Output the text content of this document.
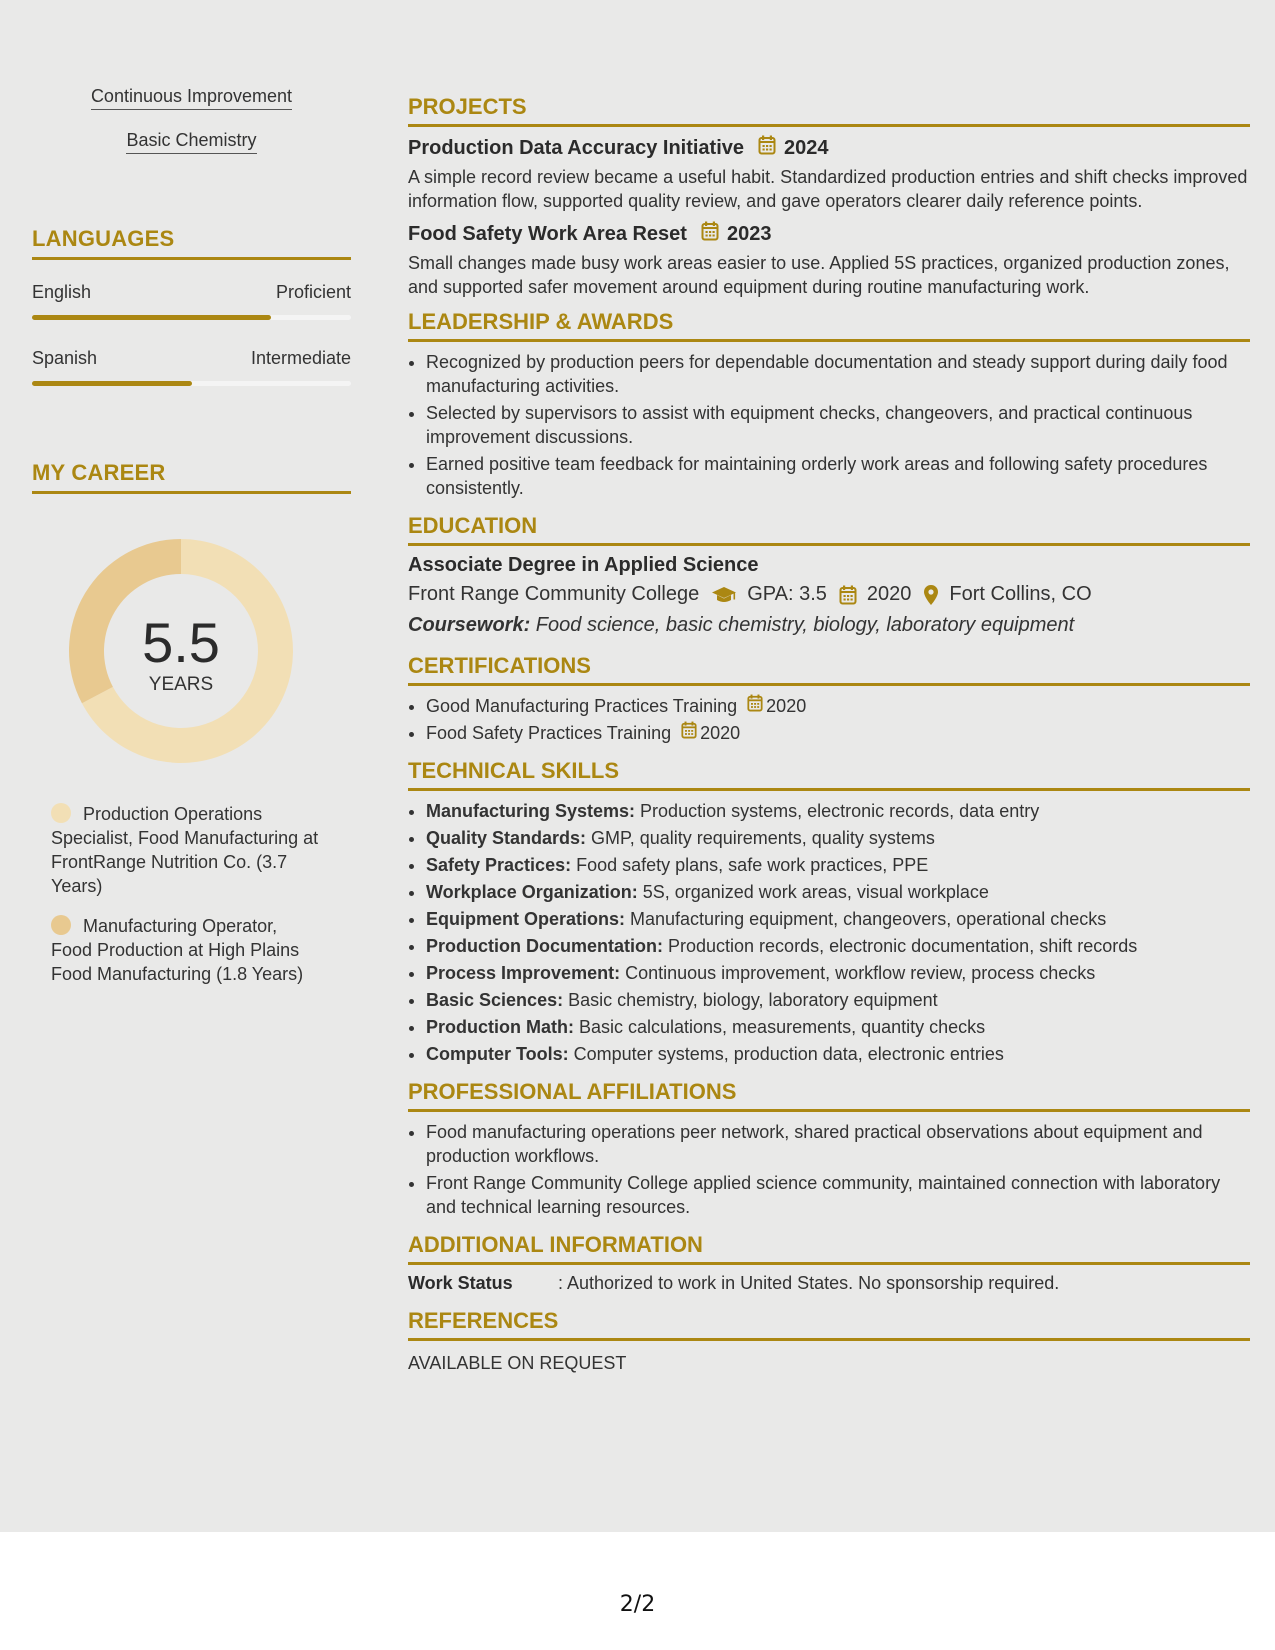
Continuous Improvement
Basic Chemistry
LANGUAGES
English	Proficient
Spanish	Intermediate
MY CAREER
5.5
YEARS
Production Operations Specialist, Food Manufacturing at FrontRange Nutrition Co. (3.7 Years)
Manufacturing Operator, Food Production at High Plains Food Manufacturing (1.8 Years)
PROJECTS
Production Data Accuracy Initiative 2024
A simple record review became a useful habit. Standardized production entries and shift checks improved information flow, supported quality review, and gave operators clearer daily reference points.
Food Safety Work Area Reset 2023
Small changes made busy work areas easier to use. Applied 5S practices, organized production zones, and supported safer movement around equipment during routine manufacturing work.
LEADERSHIP & AWARDS
• Recognized by production peers for dependable documentation and steady support during daily food manufacturing activities.
• Selected by supervisors to assist with equipment checks, changeovers, and practical continuous improvement discussions.
• Earned positive team feedback for maintaining orderly work areas and following safety procedures consistently.
EDUCATION
Associate Degree in Applied Science
Front Range Community College GPA: 3.5 2020 Fort Collins, CO
Coursework: Food science, basic chemistry, biology, laboratory equipment
CERTIFICATIONS
• Good Manufacturing Practices Training 2020
• Food Safety Practices Training 2020
TECHNICAL SKILLS
• Manufacturing Systems: Production systems, electronic records, data entry
• Quality Standards: GMP, quality requirements, quality systems
• Safety Practices: Food safety plans, safe work practices, PPE
• Workplace Organization: 5S, organized work areas, visual workplace
• Equipment Operations: Manufacturing equipment, changeovers, operational checks
• Production Documentation: Production records, electronic documentation, shift records
• Process Improvement: Continuous improvement, workflow review, process checks
• Basic Sciences: Basic chemistry, biology, laboratory equipment
• Production Math: Basic calculations, measurements, quantity checks
• Computer Tools: Computer systems, production data, electronic entries
PROFESSIONAL AFFILIATIONS
• Food manufacturing operations peer network, shared practical observations about equipment and production workflows.
• Front Range Community College applied science community, maintained connection with laboratory and technical learning resources.
ADDITIONAL INFORMATION
Work Status	: Authorized to work in United States. No sponsorship required.
REFERENCES
AVAILABLE ON REQUEST
2/2
